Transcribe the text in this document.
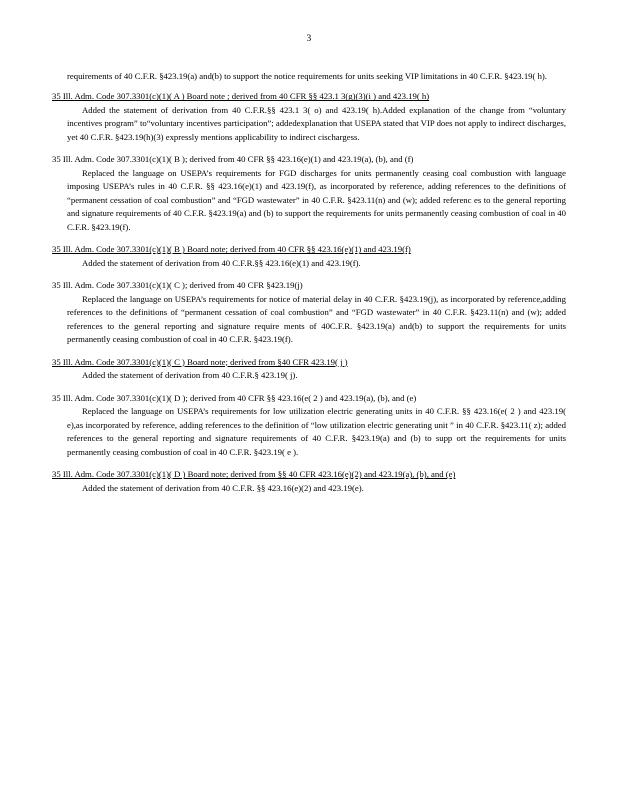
3

requirements of 40 C.F.R. §423.19(a) and(b) to support the notice requirements for units seeking VIP limitations in 40 C.F.R. §423.19( h).

35 Ill. Adm. Code 307.3301(c)(1)( A ) Board note ; derived from 40 CFR §§ 423.1 3(g)(3)(i ) and 423.19( h)

Added the statement of derivation from 40 C.F.R.§§ 423.1 3( o) and 423.19( h).Added explanation of the change from “voluntary incentives program” to“voluntary incentives participation”; addedexplanation that USEPA stated that VIP does not apply to indirect discharges, yet 40 C.F.R. §423.19(h)(3) expressly mentions applicability to indirect cischargess.

35 Ill. Adm. Code 307.3301(c)(1)( B ); derived from 40 CFR §§ 423.16(e)(1) and 423.19(a), (b), and (f)

Replaced the language on USEPA’s requirements for FGD discharges for units permanently ceasing coal combustion with language imposing USEPA’s rules in 40 C.F.R. §§ 423.16(e)(1) and 423.19(f), as incorporated by reference, adding references to the definitions of “permanent cessation of coal combustion” and “FGD wastewater” in 40 C.F.R. §423.11(n) and (w); added referenc es to the general reporting and signature requirements of 40 C.F.R. §423.19(a) and (b) to support the requirements for units permanently ceasing combustion of coal in 40 C.F.R. §423.19(f).

35 Ill. Adm. Code 307.3301(c)(1)( B ) Board note; derived from 40 CFR §§ 423.16(e)(1) and 423.19(f)

Added the statement of derivation from 40 C.F.R.§§ 423.16(e)(1) and 423.19(f).

35 Ill. Adm. Code 307.3301(c)(1)( C ); derived from 40 CFR §423.19(j)

Replaced the language on USEPA’s requirements for notice of material delay in 40 C.F.R. §423.19(j), as incorporated by reference,adding references to the definitions of “permanent cessation of coal combustion” and “FGD wastewater” in 40 C.F.R. §423.11(n) and (w); added references to the general reporting and signature require ments of 40C.F.R. §423.19(a) and(b) to support the requirements for units permanently ceasing combustion of coal in 40 C.F.R. §423.19(f).

35 Ill. Adm. Code 307.3301(c)(1)( C ) Board note; derived from §40 CFR 423.19( j )

Added the statement of derivation from 40 C.F.R.§ 423.19( j).

35 Ill. Adm. Code 307.3301(c)(1)( D ); derived from 40 CFR §§ 423.16(e( 2 ) and 423.19(a), (b), and (e)

Replaced the language on USEPA’s requirements for low utilization electric generating units in 40 C.F.R. §§ 423.16(e( 2 ) and 423.19( e),as incorporated by reference, adding references to the definition of “low utilization electric generating unit ” in 40 C.F.R. §423.11( z); added references to the general reporting and signature requirements of 40 C.F.R. §423.19(a) and (b) to supp ort the requirements for units permanently ceasing combustion of coal in 40 C.F.R. §423.19( e ).

35 Ill. Adm. Code 307.3301(c)(1)( D ) Board note; derived from §§ 40 CFR 423.16(e)(2) and 423.19(a), (b), and (e)

Added the statement of derivation from 40 C.F.R. §§ 423.16(e)(2) and 423.19(e).
